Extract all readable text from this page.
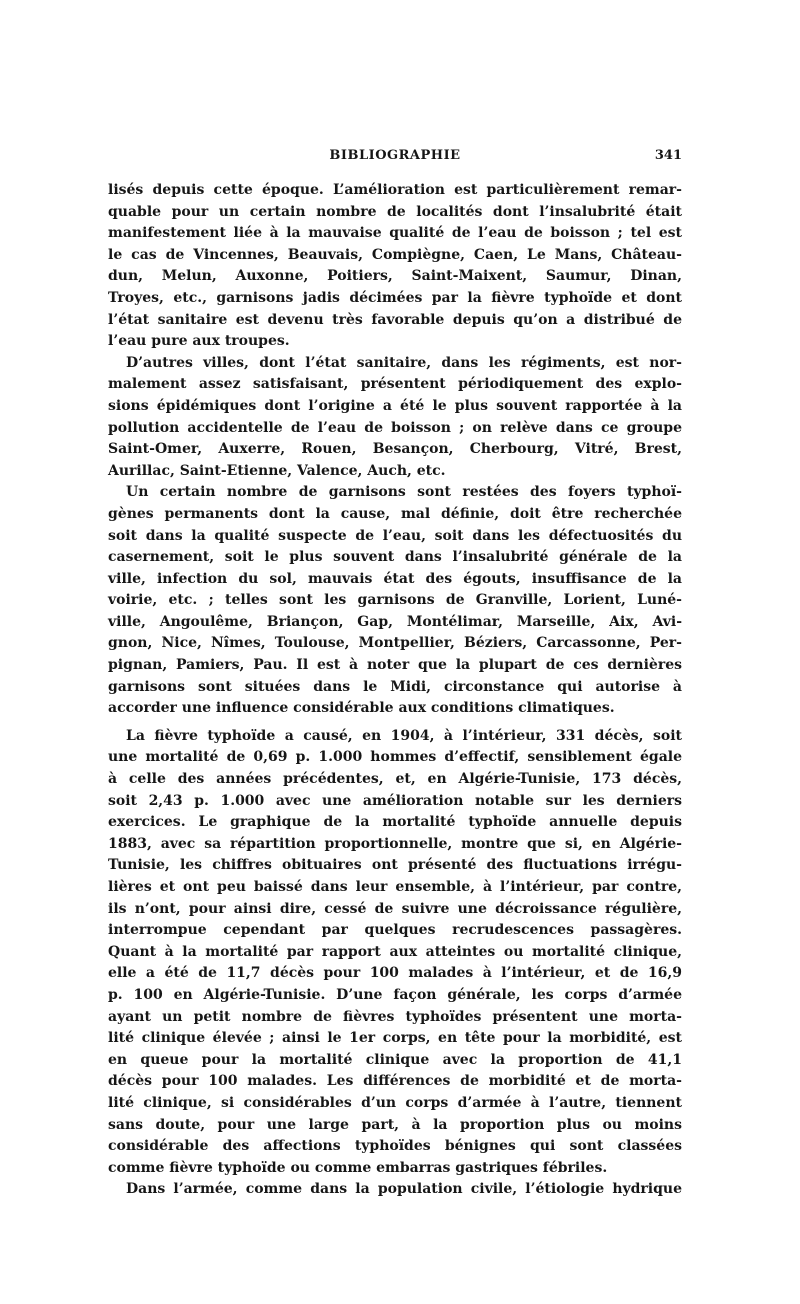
BIBLIOGRAPHIE	341
lisés depuis cette époque. L’amélioration est particulièrement remar-
quable pour un certain nombre de localités dont l’insalubrité était
manifestement liée à la mauvaise qualité de l’eau de boisson ; tel est
le cas de Vincennes, Beauvais, Compiègne, Caen, Le Mans, Château-
dun, Melun, Auxonne, Poitiers, Saint-Maixent, Saumur, Dinan,
Troyes, etc., garnisons jadis décimées par la fièvre typhoïde et dont
l’état sanitaire est devenu très favorable depuis qu’on a distribué de
l’eau pure aux troupes.
D’autres villes, dont l’état sanitaire, dans les régiments, est nor-
malement assez satisfaisant, présentent périodiquement des explo-
sions épidémiques dont l’origine a été le plus souvent rapportée à la
pollution accidentelle de l’eau de boisson ; on relève dans ce groupe
Saint-Omer, Auxerre, Rouen, Besançon, Cherbourg, Vitré, Brest,
Aurillac, Saint-Etienne, Valence, Auch, etc.
Un certain nombre de garnisons sont restées des foyers typhoï-
gènes permanents dont la cause, mal définie, doit être recherchée
soit dans la qualité suspecte de l’eau, soit dans les défectuosités du
casernement, soit le plus souvent dans l’insalubrité générale de la
ville, infection du sol, mauvais état des égouts, insuffisance de la
voirie, etc. ; telles sont les garnisons de Granville, Lorient, Luné-
ville, Angoulême, Briançon, Gap, Montélimar, Marseille, Aix, Avi-
gnon, Nice, Nîmes, Toulouse, Montpellier, Béziers, Carcassonne, Per-
pignan, Pamiers, Pau. Il est à noter que la plupart de ces dernières
garnisons sont situées dans le Midi, circonstance qui autorise à
accorder une influence considérable aux conditions climatiques.
La fièvre typhoïde a causé, en 1904, à l’intérieur, 331 décès, soit
une mortalité de 0,69 p. 1.000 hommes d’effectif, sensiblement égale
à celle des années précédentes, et, en Algérie-Tunisie, 173 décès,
soit 2,43 p. 1.000 avec une amélioration notable sur les derniers
exercices. Le graphique de la mortalité typhoïde annuelle depuis
1883, avec sa répartition proportionnelle, montre que si, en Algérie-
Tunisie, les chiffres obituaires ont présenté des fluctuations irrégu-
lières et ont peu baissé dans leur ensemble, à l’intérieur, par contre,
ils n’ont, pour ainsi dire, cessé de suivre une décroissance régulière,
interrompue cependant par quelques recrudescences passagères.
Quant à la mortalité par rapport aux atteintes ou mortalité clinique,
elle a été de 11,7 décès pour 100 malades à l’intérieur, et de 16,9
p. 100 en Algérie-Tunisie. D’une façon générale, les corps d’armée
ayant un petit nombre de fièvres typhoïdes présentent une morta-
lité clinique élevée ; ainsi le 1er corps, en tête pour la morbidité, est
en queue pour la mortalité clinique avec la proportion de 41,1
décès pour 100 malades. Les différences de morbidité et de morta-
lité clinique, si considérables d’un corps d’armée à l’autre, tiennent
sans doute, pour une large part, à la proportion plus ou moins
considérable des affections typhoïdes bénignes qui sont classées
comme fièvre typhoïde ou comme embarras gastriques fébriles.
Dans l’armée, comme dans la population civile, l’étiologie hydrique
